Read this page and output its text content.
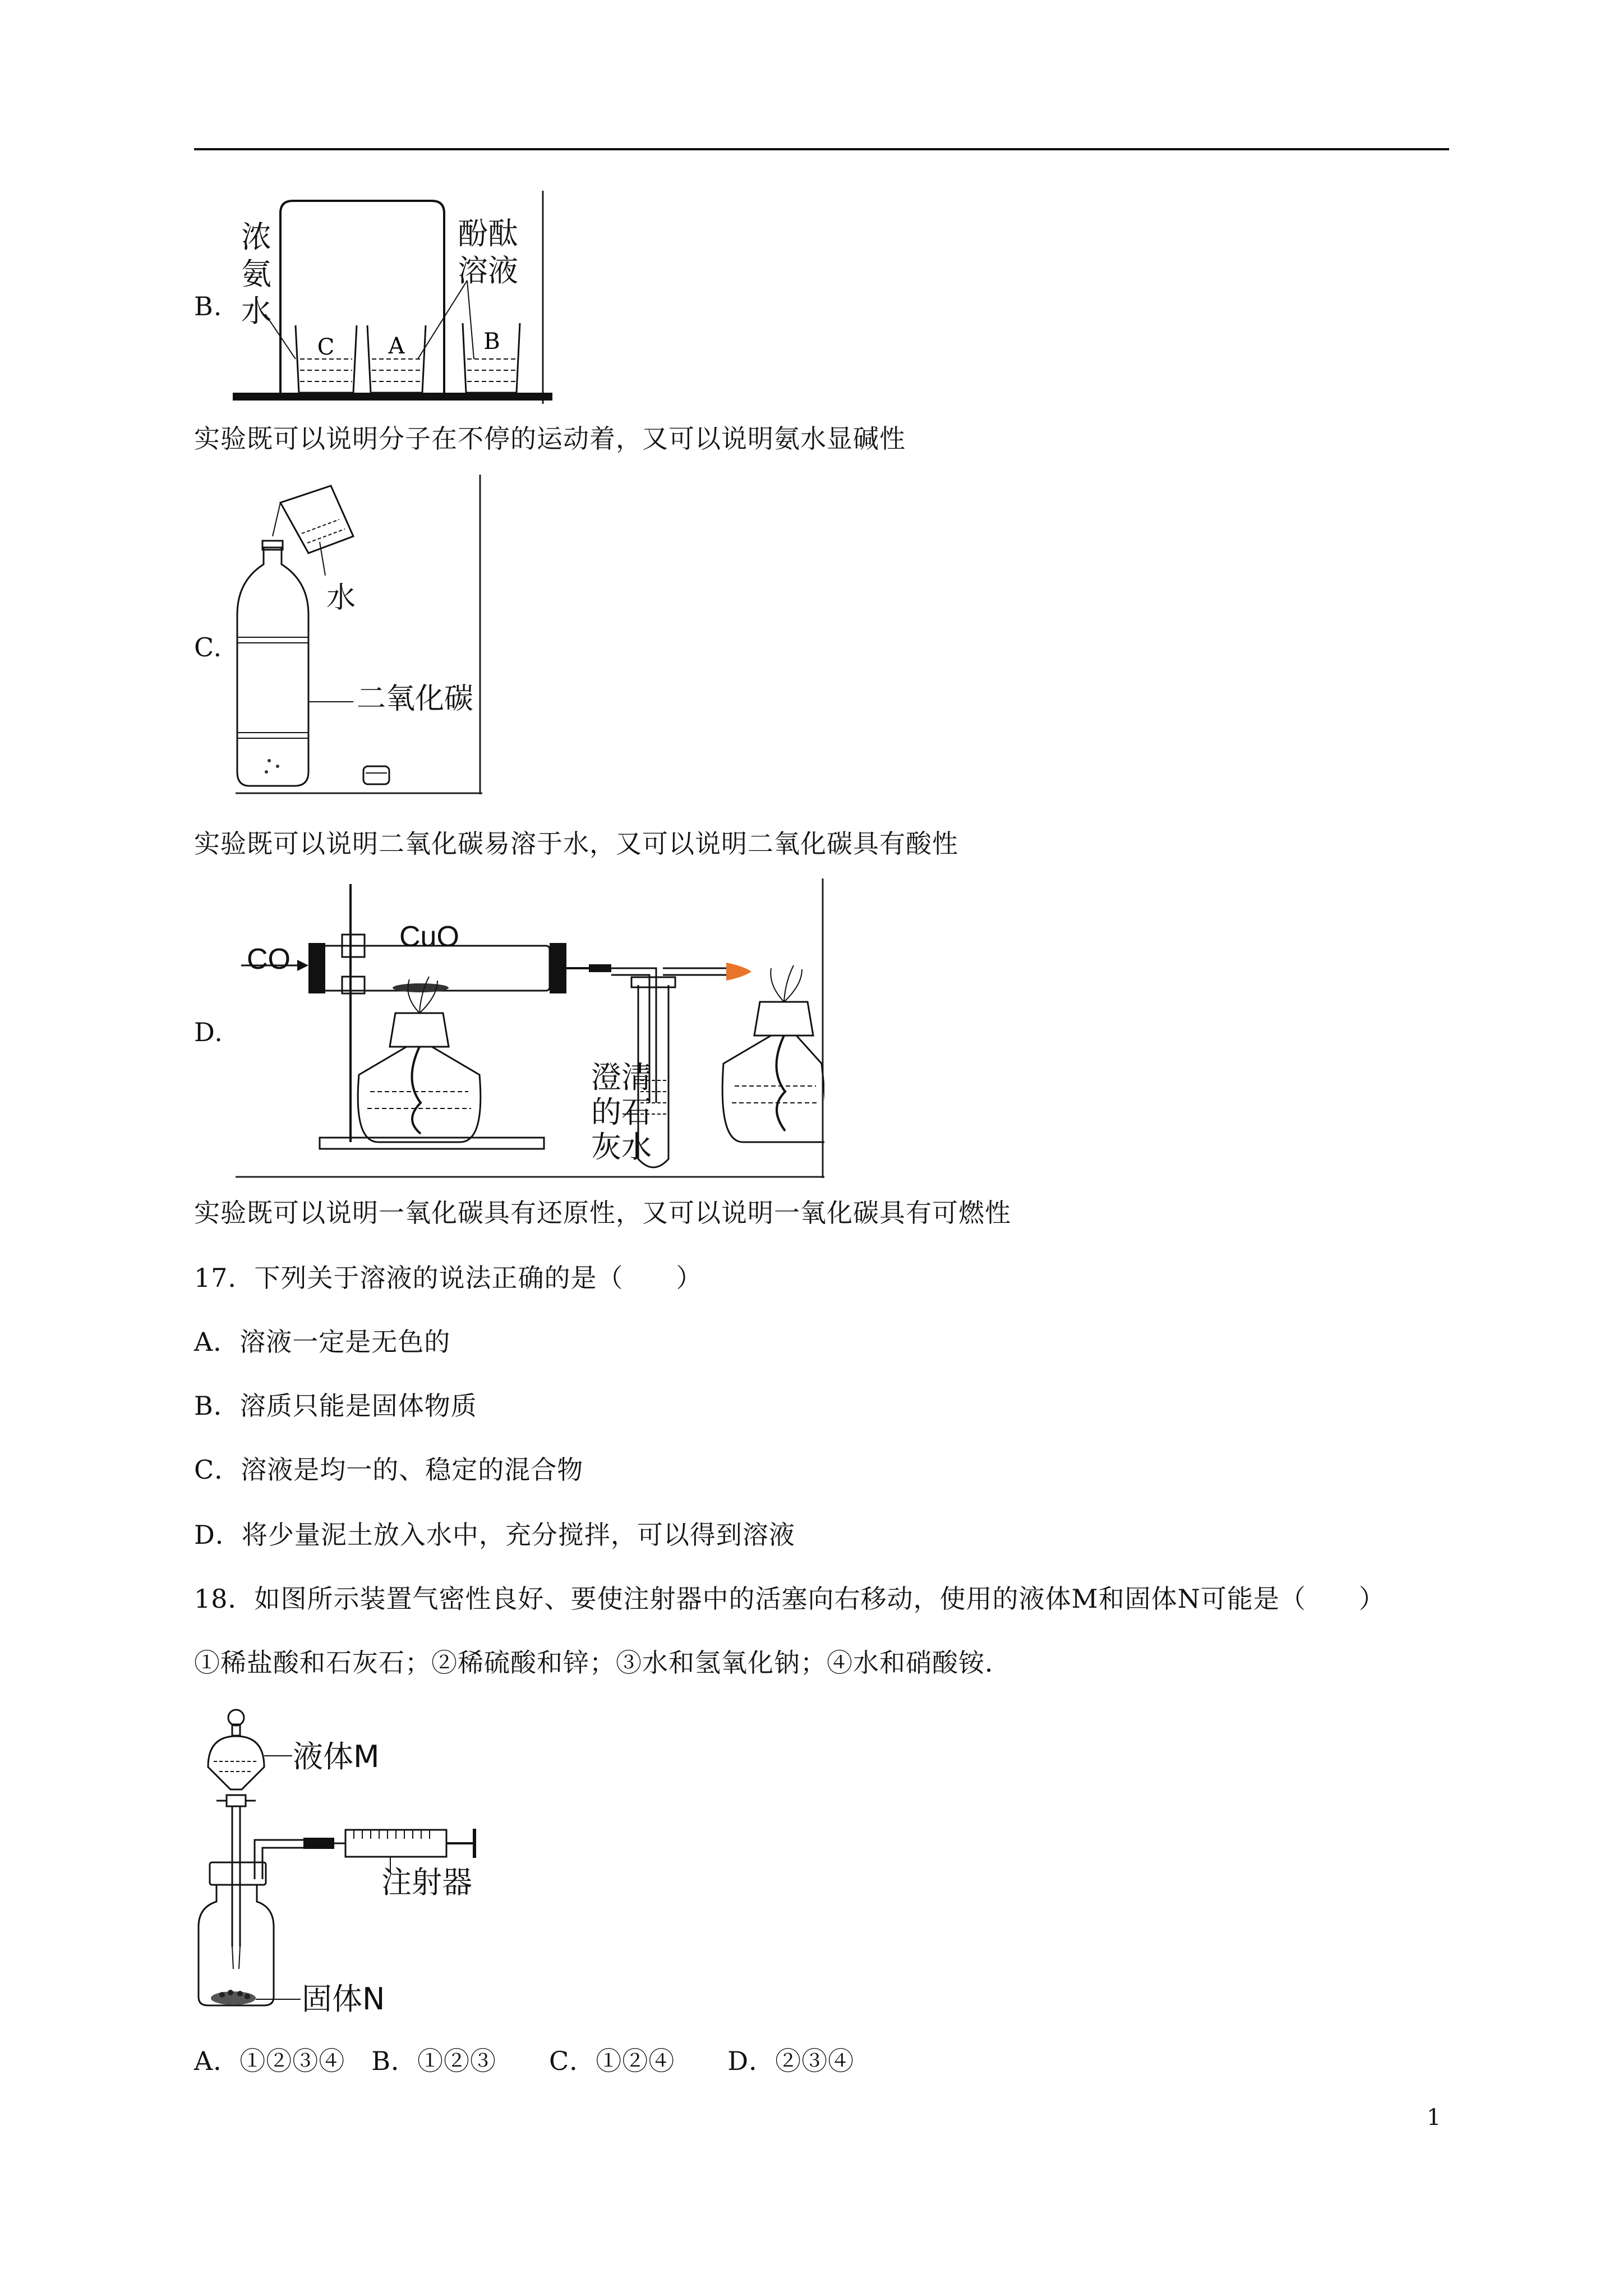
B.
C A	B
浓氨水
酚酞溶液
实验既可以说明分子在不停的运动着，又可以说明氨水显碱性
C.
水
二氧化碳
实验既可以说明二氧化碳易溶于水，又可以说明二氧化碳具有酸性
D.
CO
CuO
澄清的石灰水
实验既可以说明一氧化碳具有还原性，又可以说明一氧化碳具有可燃性
17．下列关于溶液的说法正确的是（　　）
A．溶液一定是无色的
B．溶质只能是固体物质
C．溶液是均一的、稳定的混合物
D．将少量泥土放入水中，充分搅拌，可以得到溶液
18．如图所示装置气密性良好、要使注射器中的活塞向右移动，使用的液体M和固体N可能是（　　）
①稀盐酸和石灰石；②稀硫酸和锌；③水和氢氧化钠；④水和硝酸铵．
液体M
注射器
固体N
A．①②③④　B．①②③　　C．①②④　　D．②③④
1
